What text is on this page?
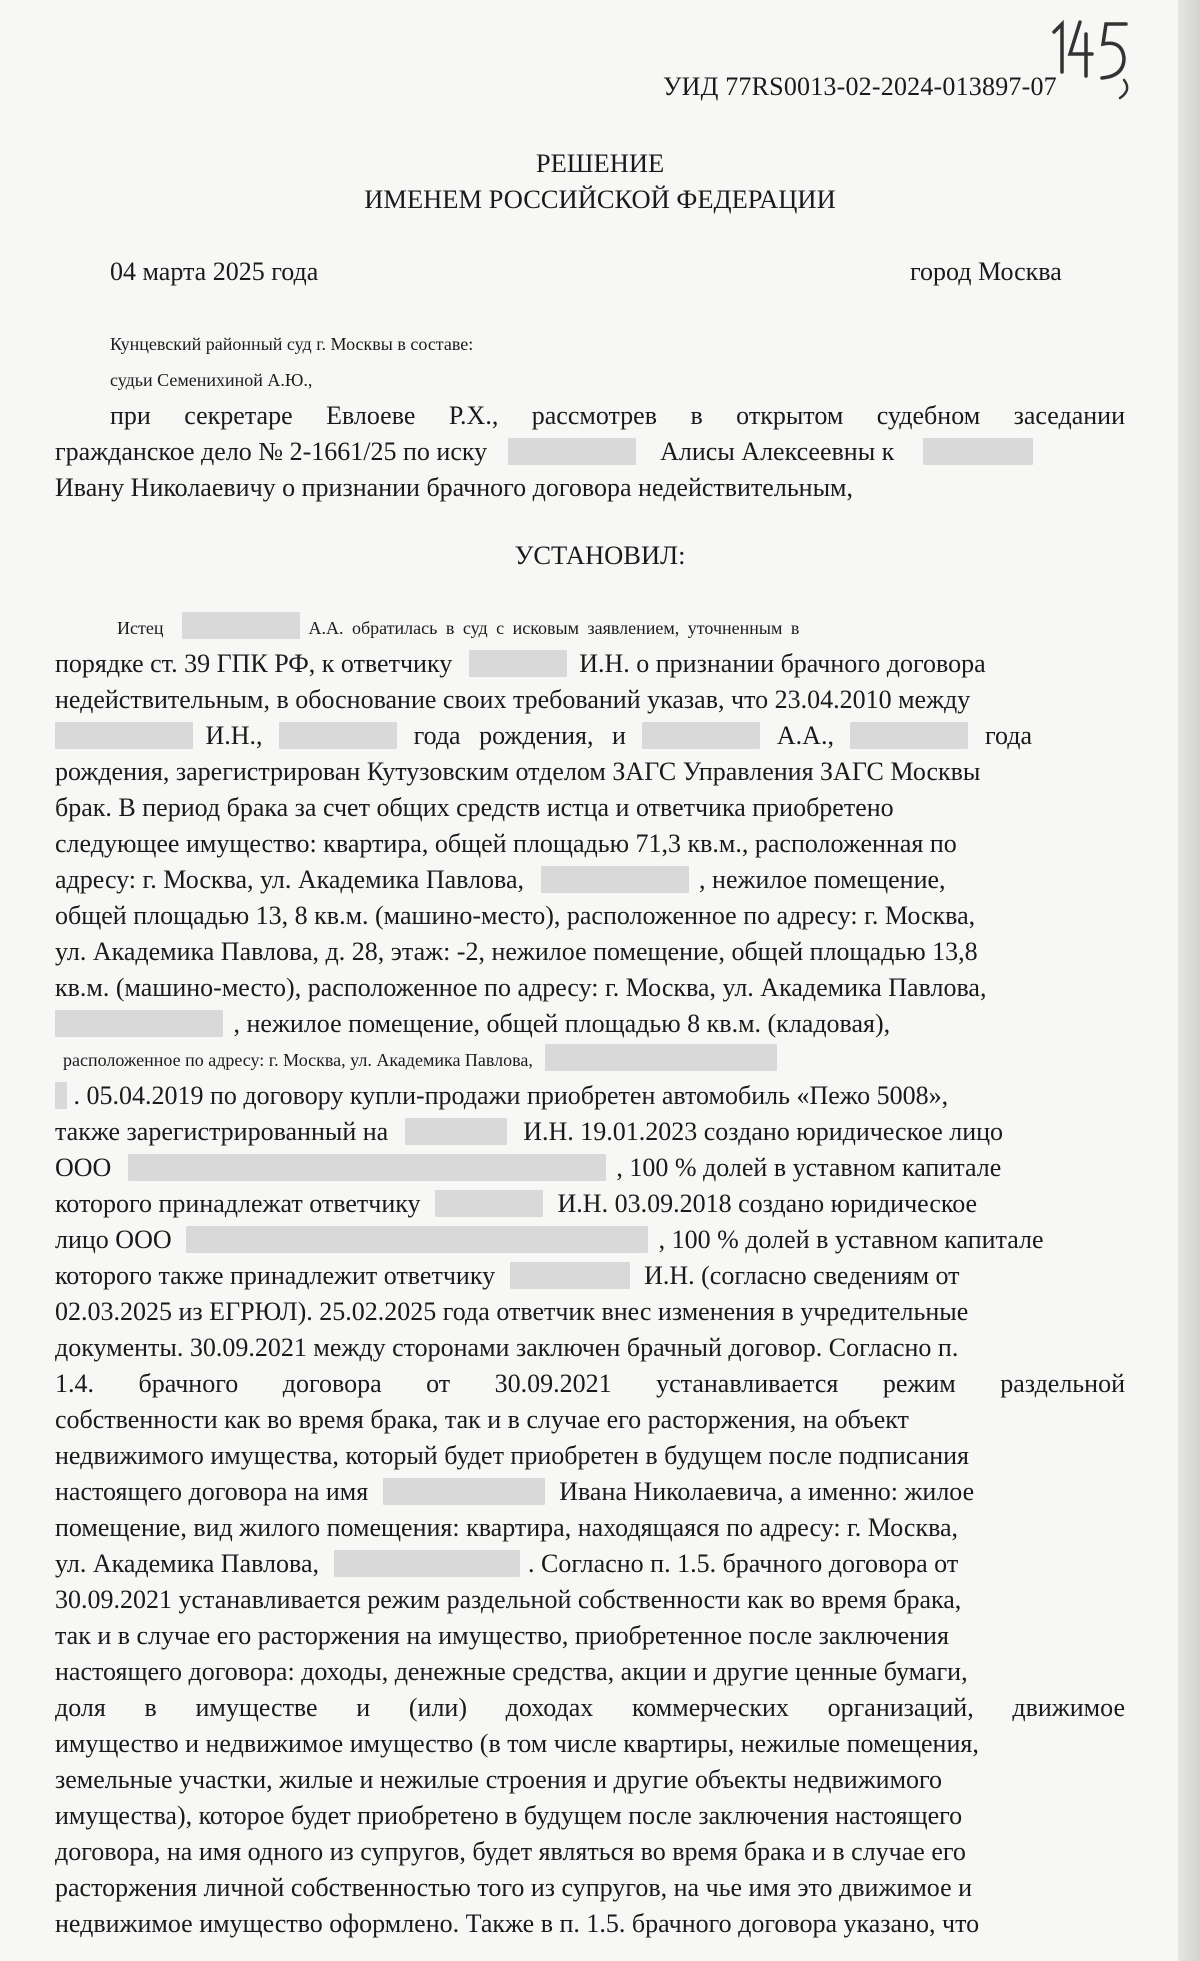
УИД 77RS0013-02-2024-013897-07
РЕШЕНИЕ
ИМЕНЕМ РОССИЙСКОЙ ФЕДЕРАЦИИ
04 марта 2025 года	город Москва
Кунцевский районный суд г. Москвы в составе:
судьи Семенихиной А.Ю.,
при секретаре Евлоеве Р.Х., рассмотрев в открытом судебном заседании
гражданское дело № 2-1661/25 по иску	Алисы Алексеевны к
Ивану Николаевичу о признании брачного договора недействительным,
УСТАНОВИЛ:
Истец	А.А. обратилась в суд с исковым заявлением, уточненным в
порядке ст. 39 ГПК РФ, к ответчику	И.Н. о признании брачного договора
недействительным, в обоснование своих требований указав, что 23.04.2010 между
И.Н.,	года рождения, и	А.А.,	года
рождения, зарегистрирован Кутузовским отделом ЗАГС Управления ЗАГС Москвы
брак. В период брака за счет общих средств истца и ответчика приобретено
следующее имущество: квартира, общей площадью 71,3 кв.м., расположенная по
адресу: г. Москва, ул. Академика Павлова,	, нежилое помещение,
общей площадью 13, 8 кв.м. (машино-место), расположенное по адресу: г. Москва,
ул. Академика Павлова, д. 28, этаж: -2, нежилое помещение, общей площадью 13,8
кв.м. (машино-место), расположенное по адресу: г. Москва, ул. Академика Павлова,
, нежилое помещение, общей площадью 8 кв.м. (кладовая),
расположенное по адресу: г. Москва, ул. Академика Павлова,
. 05.04.2019 по договору купли-продажи приобретен автомобиль «Пежо 5008»,
также зарегистрированный на	И.Н. 19.01.2023 создано юридическое лицо
ООО	, 100 % долей в уставном капитале
которого принадлежат ответчику	И.Н. 03.09.2018 создано юридическое
лицо ООО	, 100 % долей в уставном капитале
которого также принадлежит ответчику	И.Н. (согласно сведениям от
02.03.2025 из ЕГРЮЛ). 25.02.2025 года ответчик внес изменения в учредительные
документы. 30.09.2021 между сторонами заключен брачный договор. Согласно п.
1.4. брачного договора от 30.09.2021 устанавливается режим раздельной
собственности как во время брака, так и в случае его расторжения, на объект
недвижимого имущества, который будет приобретен в будущем после подписания
настоящего договора на имя	Ивана Николаевича, а именно: жилое
помещение, вид жилого помещения: квартира, находящаяся по адресу: г. Москва,
ул. Академика Павлова,	. Согласно п. 1.5. брачного договора от
30.09.2021 устанавливается режим раздельной собственности как во время брака,
так и в случае его расторжения на имущество, приобретенное после заключения
настоящего договора: доходы, денежные средства, акции и другие ценные бумаги,
доля в имуществе и (или) доходах коммерческих организаций, движимое
имущество и недвижимое имущество (в том числе квартиры, нежилые помещения,
земельные участки, жилые и нежилые строения и другие объекты недвижимого
имущества), которое будет приобретено в будущем после заключения настоящего
договора, на имя одного из супругов, будет являться во время брака и в случае его
расторжения личной собственностью того из супругов, на чье имя это движимое и
недвижимое имущество оформлено. Также в п. 1.5. брачного договора указано, что
